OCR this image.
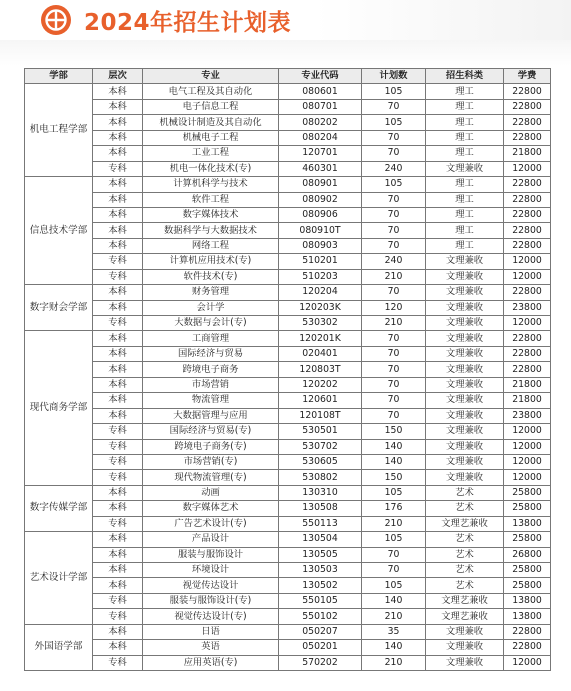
2024年招生计划表
学部	层次	专业	专业代码	计划数	招生科类	学费
机电工程学部	本科	电气工程及其自动化	080601	105	理工	22800
	本科	电子信息工程	080701	70	理工	22800
	本科	机械设计制造及其自动化	080202	105	理工	22800
	本科	机械电子工程	080204	70	理工	22800
	本科	工业工程	120701	70	理工	21800
	专科	机电一体化技术(专)	460301	240	文理兼收	12000
信息技术学部	本科	计算机科学与技术	080901	105	理工	22800
	本科	软件工程	080902	70	理工	22800
	本科	数字媒体技术	080906	70	理工	22800
	本科	数据科学与大数据技术	080910T	70	理工	22800
	本科	网络工程	080903	70	理工	22800
	专科	计算机应用技术(专)	510201	240	文理兼收	12000
	专科	软件技术(专)	510203	210	文理兼收	12000
数字财会学部	本科	财务管理	120204	70	文理兼收	22800
	本科	会计学	120203K	120	文理兼收	23800
	专科	大数据与会计(专)	530302	210	文理兼收	12000
现代商务学部	本科	工商管理	120201K	70	文理兼收	22800
	本科	国际经济与贸易	020401	70	文理兼收	22800
	本科	跨境电子商务	120803T	70	文理兼收	22800
	本科	市场营销	120202	70	文理兼收	21800
	本科	物流管理	120601	70	文理兼收	21800
	本科	大数据管理与应用	120108T	70	文理兼收	23800
	专科	国际经济与贸易(专)	530501	150	文理兼收	12000
	专科	跨境电子商务(专)	530702	140	文理兼收	12000
	专科	市场营销(专)	530605	140	文理兼收	12000
	专科	现代物流管理(专)	530802	150	文理兼收	12000
数字传媒学部	本科	动画	130310	105	艺术	25800
	本科	数字媒体艺术	130508	176	艺术	25800
	专科	广告艺术设计(专)	550113	210	文理艺兼收	13800
艺术设计学部	本科	产品设计	130504	105	艺术	25800
	本科	服装与服饰设计	130505	70	艺术	26800
	本科	环境设计	130503	70	艺术	25800
	本科	视觉传达设计	130502	105	艺术	25800
	专科	服装与服饰设计(专)	550105	140	文理艺兼收	13800
	专科	视觉传达设计(专)	550102	210	文理艺兼收	13800
外国语学部	本科	日语	050207	35	文理兼收	22800
	本科	英语	050201	140	文理兼收	22800
	专科	应用英语(专)	570202	210	文理兼收	12000
